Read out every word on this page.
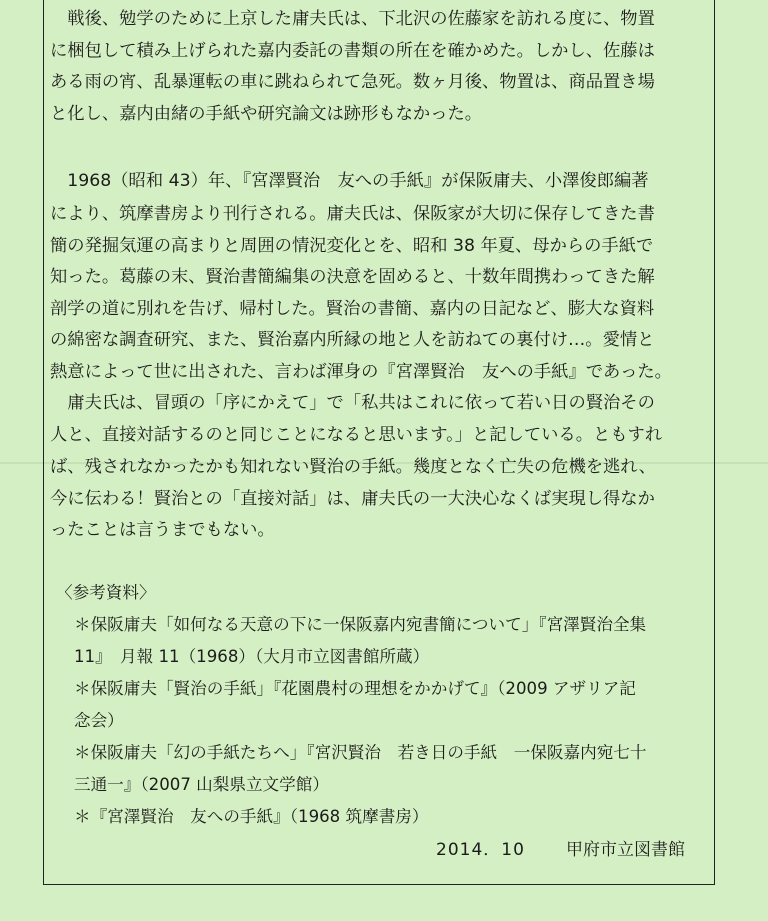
　戦後、勉学のために上京した庸夫氏は、下北沢の佐藤家を訪れる度に、物置
に梱包して積み上げられた嘉内委託の書類の所在を確かめた。しかし、佐藤は
ある雨の宵、乱暴運転の車に跳ねられて急死。数ヶ月後、物置は、商品置き場
と化し、嘉内由緒の手紙や研究論文は跡形もなかった。
　1968（昭和 43）年、『宮澤賢治　友への手紙』が保阪庸夫、小澤俊郎編著
により、筑摩書房より刊行される。庸夫氏は、保阪家が大切に保存してきた書
簡の発掘気運の高まりと周囲の情況変化とを、昭和 38 年夏、母からの手紙で
知った。葛藤の末、賢治書簡編集の決意を固めると、十数年間携わってきた解
剖学の道に別れを告げ、帰村した。賢治の書簡、嘉内の日記など、膨大な資料
の綿密な調査研究、また、賢治嘉内所縁の地と人を訪ねての裏付け…。愛情と
熱意によって世に出された、言わば渾身の『宮澤賢治　友への手紙』であった。
　庸夫氏は、冒頭の「序にかえて」で「私共はこれに依って若い日の賢治その
人と、直接対話するのと同じことになると思います。」と記している。ともすれ
ば、残されなかったかも知れない賢治の手紙。幾度となく亡失の危機を逃れ、
今に伝わる！賢治との「直接対話」は、庸夫氏の一大決心なくば実現し得なか
ったことは言うまでもない。
〈参考資料〉
＊保阪庸夫「如何なる天意の下に一保阪嘉内宛書簡について」『宮澤賢治全集
11』　月報 11（1968）（大月市立図書館所蔵）
＊保阪庸夫「賢治の手紙」『花園農村の理想をかかげて』（2009 アザリア記
念会）
＊保阪庸夫「幻の手紙たちへ」『宮沢賢治　若き日の手紙　一保阪嘉内宛七十
三通一』（2007 山梨県立文学館）
＊『宮澤賢治　友への手紙』（1968 筑摩書房）
2014．10 甲府市立図書館
